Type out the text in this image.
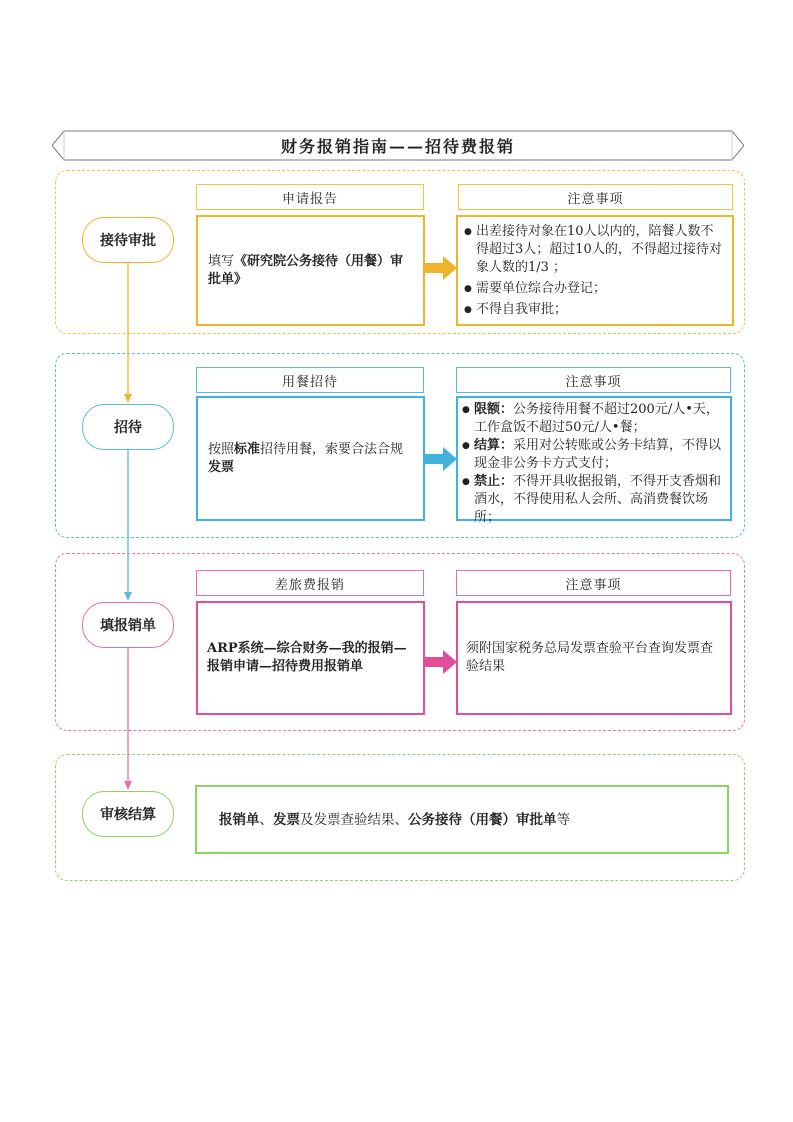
财务报销指南——招待费报销
接待审批
招待
填报销单
审核结算
申请报告	注意事项
填写《研究院公务接待（用餐）审批单》
● 出差接待对象在10人以内的，陪餐人数不得超过3人；超过10人的，不得超过接待对象人数的1/3 ；
● 需要单位综合办登记；
● 不得自我审批；
用餐招待	注意事项
按照标准招待用餐，索要合法合规发票
● 限额：公务接待用餐不超过200元/人•天，工作盒饭不超过50元/人•餐；
● 结算：采用对公转账或公务卡结算，不得以现金非公务卡方式支付；
● 禁止：不得开具收据报销，不得开支香烟和酒水，不得使用私人会所、高消费餐饮场所；
差旅费报销	注意事项
ARP系统—综合财务—我的报销—报销申请—招待费用报销单
须附国家税务总局发票查验平台查询发票查验结果
报销单、发票及发票查验结果、公务接待（用餐）审批单等
